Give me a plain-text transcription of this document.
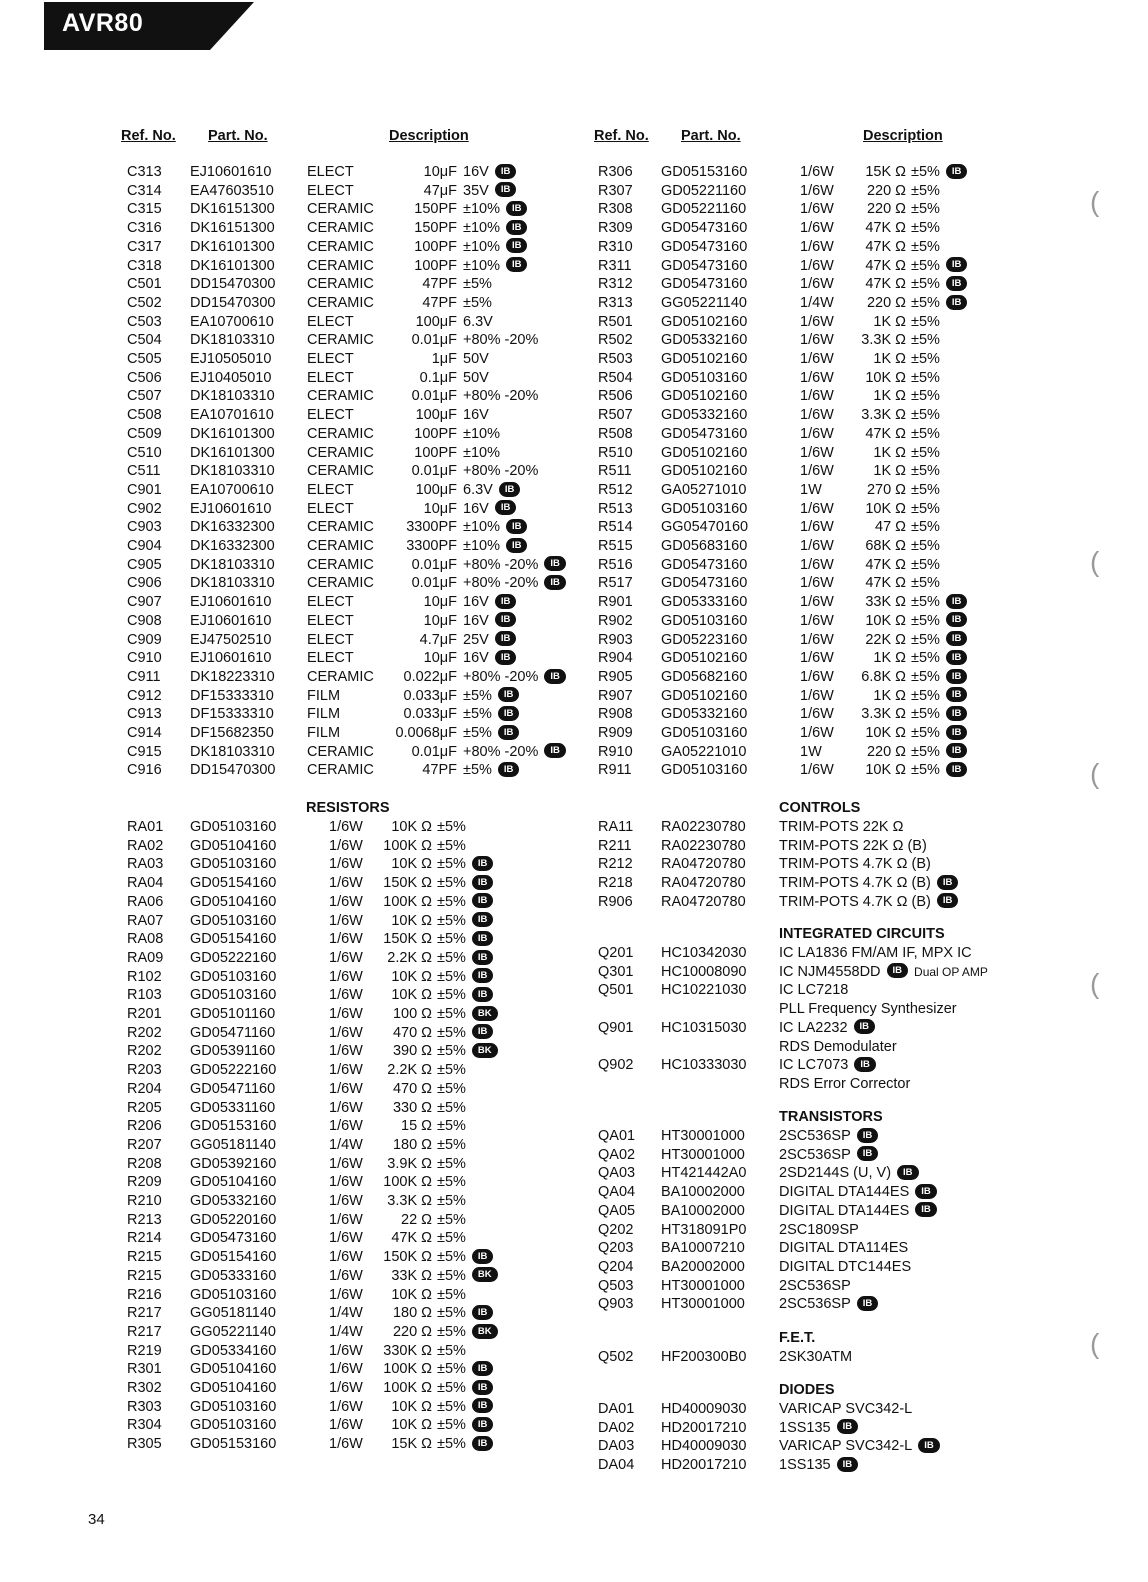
AVR80
Ref. No. Part. No.	Description	Ref. No. Part. No.	Description
C313 EJ10601610 ELECT	10μF 16V IB
C314 EA47603510 ELECT	47μF 35V IB
C315 DK16151300 CERAMIC	150PF ±10% IB
C316 DK16151300 CERAMIC	150PF ±10% IB
C317 DK16101300 CERAMIC	100PF ±10% IB
C318 DK16101300 CERAMIC	100PF ±10% IB
C501 DD15470300 CERAMIC	47PF ±5%
C502 DD15470300 CERAMIC	47PF ±5%
C503 EA10700610 ELECT	100μF 6.3V
C504 DK18103310 CERAMIC	0.01μF +80% -20%
C505 EJ10505010 ELECT	1μF 50V
C506 EJ10405010 ELECT	0.1μF 50V
C507 DK18103310 CERAMIC	0.01μF +80% -20%
C508 EA10701610 ELECT	100μF 16V
C509 DK16101300 CERAMIC	100PF ±10%
C510 DK16101300 CERAMIC	100PF ±10%
C511 DK18103310 CERAMIC	0.01μF +80% -20%
C901 EA10700610 ELECT	100μF 6.3V IB
C902 EJ10601610 ELECT	10μF 16V IB
C903 DK16332300 CERAMIC	3300PF ±10% IB
C904 DK16332300 CERAMIC	3300PF ±10% IB
C905 DK18103310 CERAMIC	0.01μF +80% -20% IB
C906 DK18103310 CERAMIC	0.01μF +80% -20% IB
C907 EJ10601610 ELECT	10μF 16V IB
C908 EJ10601610 ELECT	10μF 16V IB
C909 EJ47502510 ELECT	4.7μF 25V IB
C910 EJ10601610 ELECT	10μF 16V IB
C911 DK18223310 CERAMIC	0.022μF +80% -20% IB
C912 DF15333310 FILM	0.033μF ±5% IB
C913 DF15333310 FILM	0.033μF ±5% IB
C914 DF15682350 FILM	0.0068μF ±5% IB
C915 DK18103310 CERAMIC	0.01μF +80% -20% IB
C916 DD15470300 CERAMIC	47PF ±5% IB
RESISTORS
RA01 GD05103160	1/6W	10K Ω ±5%
RA02 GD05104160	1/6W	100K Ω ±5%
RA03 GD05103160	1/6W	10K Ω ±5% IB
RA04 GD05154160	1/6W	150K Ω ±5% IB
RA06 GD05104160	1/6W	100K Ω ±5% IB
RA07 GD05103160	1/6W	10K Ω ±5% IB
RA08 GD05154160	1/6W	150K Ω ±5% IB
RA09 GD05222160	1/6W	2.2K Ω ±5% IB
R102 GD05103160	1/6W	10K Ω ±5% IB
R103 GD05103160	1/6W	10K Ω ±5% IB
R201 GD05101160	1/6W	100 Ω ±5% BK
R202 GD05471160	1/6W	470 Ω ±5% IB
R202 GD05391160	1/6W	390 Ω ±5% BK
R203 GD05222160	1/6W	2.2K Ω ±5%
R204 GD05471160	1/6W	470 Ω ±5%
R205 GD05331160	1/6W	330 Ω ±5%
R206 GD05153160	1/6W	15 Ω ±5%
R207 GG05181140	1/4W	180 Ω ±5%
R208 GD05392160	1/6W	3.9K Ω ±5%
R209 GD05104160	1/6W	100K Ω ±5%
R210 GD05332160	1/6W	3.3K Ω ±5%
R213 GD05220160	1/6W	22 Ω ±5%
R214 GD05473160	1/6W	47K Ω ±5%
R215 GD05154160	1/6W	150K Ω ±5% IB
R215 GD05333160	1/6W	33K Ω ±5% BK
R216 GD05103160	1/6W	10K Ω ±5%
R217 GG05181140	1/4W	180 Ω ±5% IB
R217 GG05221140	1/4W	220 Ω ±5% BK
R219 GD05334160	1/6W	330K Ω ±5%
R301 GD05104160	1/6W	100K Ω ±5% IB
R302 GD05104160	1/6W	100K Ω ±5% IB
R303 GD05103160	1/6W	10K Ω ±5% IB
R304 GD05103160	1/6W	10K Ω ±5% IB
R305 GD05153160	1/6W	15K Ω ±5% IB
R306 GD05153160	1/6W	15K Ω ±5% IB
R307 GD05221160	1/6W	220 Ω ±5%
R308 GD05221160	1/6W	220 Ω ±5%
R309 GD05473160	1/6W	47K Ω ±5%
R310 GD05473160	1/6W	47K Ω ±5%
R311 GD05473160	1/6W	47K Ω ±5% IB
R312 GD05473160	1/6W	47K Ω ±5% IB
R313 GG05221140	1/4W	220 Ω ±5% IB
R501 GD05102160	1/6W	1K Ω ±5%
R502 GD05332160	1/6W	3.3K Ω ±5%
R503 GD05102160	1/6W	1K Ω ±5%
R504 GD05103160	1/6W	10K Ω ±5%
R506 GD05102160	1/6W	1K Ω ±5%
R507 GD05332160	1/6W	3.3K Ω ±5%
R508 GD05473160	1/6W	47K Ω ±5%
R510 GD05102160	1/6W	1K Ω ±5%
R511 GD05102160	1/6W	1K Ω ±5%
R512 GA05271010	1W	270 Ω ±5%
R513 GD05103160	1/6W	10K Ω ±5%
R514 GG05470160	1/6W	47 Ω ±5%
R515 GD05683160	1/6W	68K Ω ±5%
R516 GD05473160	1/6W	47K Ω ±5%
R517 GD05473160	1/6W	47K Ω ±5%
R901 GD05333160	1/6W	33K Ω ±5% IB
R902 GD05103160	1/6W	10K Ω ±5% IB
R903 GD05223160	1/6W	22K Ω ±5% IB
R904 GD05102160	1/6W	1K Ω ±5% IB
R905 GD05682160	1/6W	6.8K Ω ±5% IB
R907 GD05102160	1/6W	1K Ω ±5% IB
R908 GD05332160	1/6W	3.3K Ω ±5% IB
R909 GD05103160	1/6W	10K Ω ±5% IB
R910 GA05221010	1W	220 Ω ±5% IB
R911 GD05103160	1/6W	10K Ω ±5% IB
CONTROLS
RA11 RA02230780 TRIM-POTS 22K Ω
R211 RA02230780 TRIM-POTS 22K Ω (B)
R212 RA04720780 TRIM-POTS 4.7K Ω (B)
R218 RA04720780 TRIM-POTS 4.7K Ω (B) IB
R906 RA04720780 TRIM-POTS 4.7K Ω (B) IB
INTEGRATED CIRCUITS
Q201 HC10342030 IC LA1836 FM/AM IF, MPX IC
Q301 HC10008090 IC NJM4558DD IB Dual OP AMP
Q501 HC10221030 IC LC7218
PLL Frequency Synthesizer
Q901 HC10315030 IC LA2232 IB
RDS Demodulater
Q902 HC10333030 IC LC7073 IB
RDS Error Corrector
TRANSISTORS
QA01 HT30001000 2SC536SP IB
QA02 HT30001000 2SC536SP IB
QA03 HT421442A0 2SD2144S (U, V) IB
QA04 BA10002000 DIGITAL DTA144ES IB
QA05 BA10002000 DIGITAL DTA144ES IB
Q202 HT318091P0 2SC1809SP
Q203 BA10007210 DIGITAL DTA114ES
Q204 BA20002000 DIGITAL DTC144ES
Q503 HT30001000 2SC536SP
Q903 HT30001000 2SC536SP IB
F.E.T.
Q502 HF200300B0 2SK30ATM
DIODES
DA01 HD40009030 VARICAP SVC342-L
DA02 HD20017210 1SS135 IB
DA03 HD40009030 VARICAP SVC342-L IB
DA04 HD20017210 1SS135 IB
34
(
(
(
(
(
